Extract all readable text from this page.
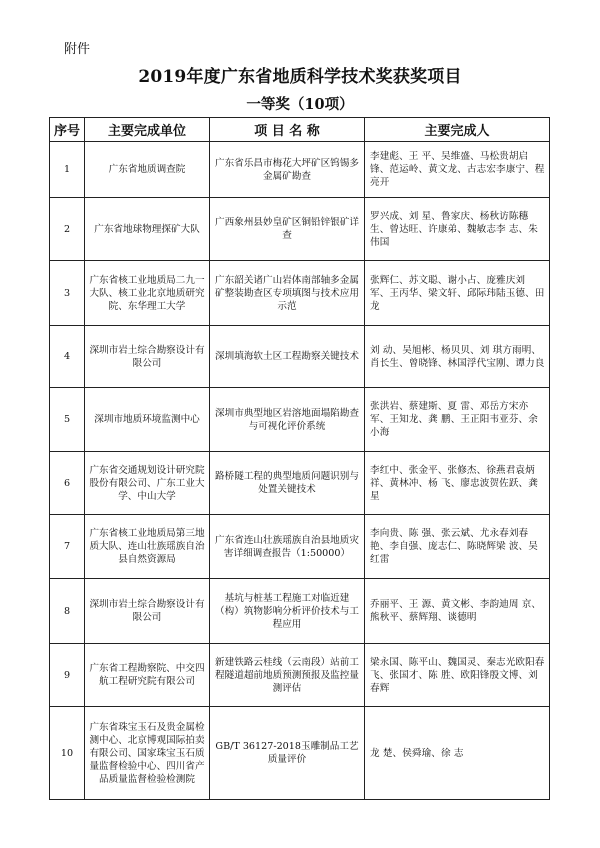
附件
2019年度广东省地质科学技术奖获奖项目
一等奖（10项）
序号	主要完成单位	项 目 名 称	主要完成人
1	广东省地质调查院	广东省乐昌市梅花大坪矿区钨锡多金属矿勘查	李建彪、王 平、吴维盛、马松贵胡启锋、范运岭、黄文龙、古志宏李康宁、程亮开
2	广东省地球物理探矿大队	广西象州县妙皇矿区铜铅锌银矿详查	罗兴成、刘 星、鲁家庆、杨秋访陈穗生、曾达旺、许康弟、魏敏志李 志、朱伟国
3	广东省核工业地质局二九一大队、核工业北京地质研究院、东华理工大学	广东韶关诸广山岩体南部轴多金属矿整装勘查区专项填图与技术应用示范	张辉仁、苏文聪、谢小占、庞雅庆刘 军、王丙华、梁文轩、邱际玮陆玉德、田 龙
4	深圳市岩土综合勘察设计有限公司	深圳填海软土区工程勘察关键技术	刘 动、吴旭彬、杨贝贝、刘 琪方雨明、肖长生、曾晓锋、林国浮代宝刚、谭力良
5	深圳市地质环境监测中心	深圳市典型地区岩溶地面塌陷勘查与可视化评价系统	张洪岩、蔡建斯、夏 雷、邓岳方宋亦军、王知龙、龚 鹏、王正阳韦亚芬、余小海
6	广东省交通规划设计研究院股份有限公司、广东工业大学、中山大学	路桥隧工程的典型地质问题识别与处置关键技术	李红中、张金平、张修杰、徐燕君袁炳祥、黄林冲、杨 飞、廖忠波贺佐跃、龚 星
7	广东省核工业地质局第三地质大队、连山壮族瑶族自治县自然资源局	广东省连山壮族瑶族自治县地质灾害详细调查报告（1:50000）	李向贵、陈 强、张云斌、尤永春刘春艳、李自强、庞志仁、陈晓辉梁 波、吴红雷
8	深圳市岩土综合勘察设计有限公司	基坑与桩基工程施工对临近建（构）筑物影响分析评价技术与工程应用	乔丽平、王 源、黄文彬、李韵迪周 京、熊秋平、蔡辉翔、谈德明
9	广东省工程勘察院、中交四航工程研究院有限公司	新建铁路云桂线（云南段）站前工程隧道超前地质预测预报及监控量测评估	梁永国、陈平山、魏国灵、秦志光欧阳春飞、张国才、陈 胜、欧阳锋殷文博、刘春辉
10	广东省珠宝玉石及贵金属检测中心、北京博观国际拍卖有限公司、国家珠宝玉石质量监督检验中心、四川省产品质量监督检验检测院	GB/T 36127-2018玉雕制品工艺质量评价	龙 楚、侯舜瑜、徐 志
